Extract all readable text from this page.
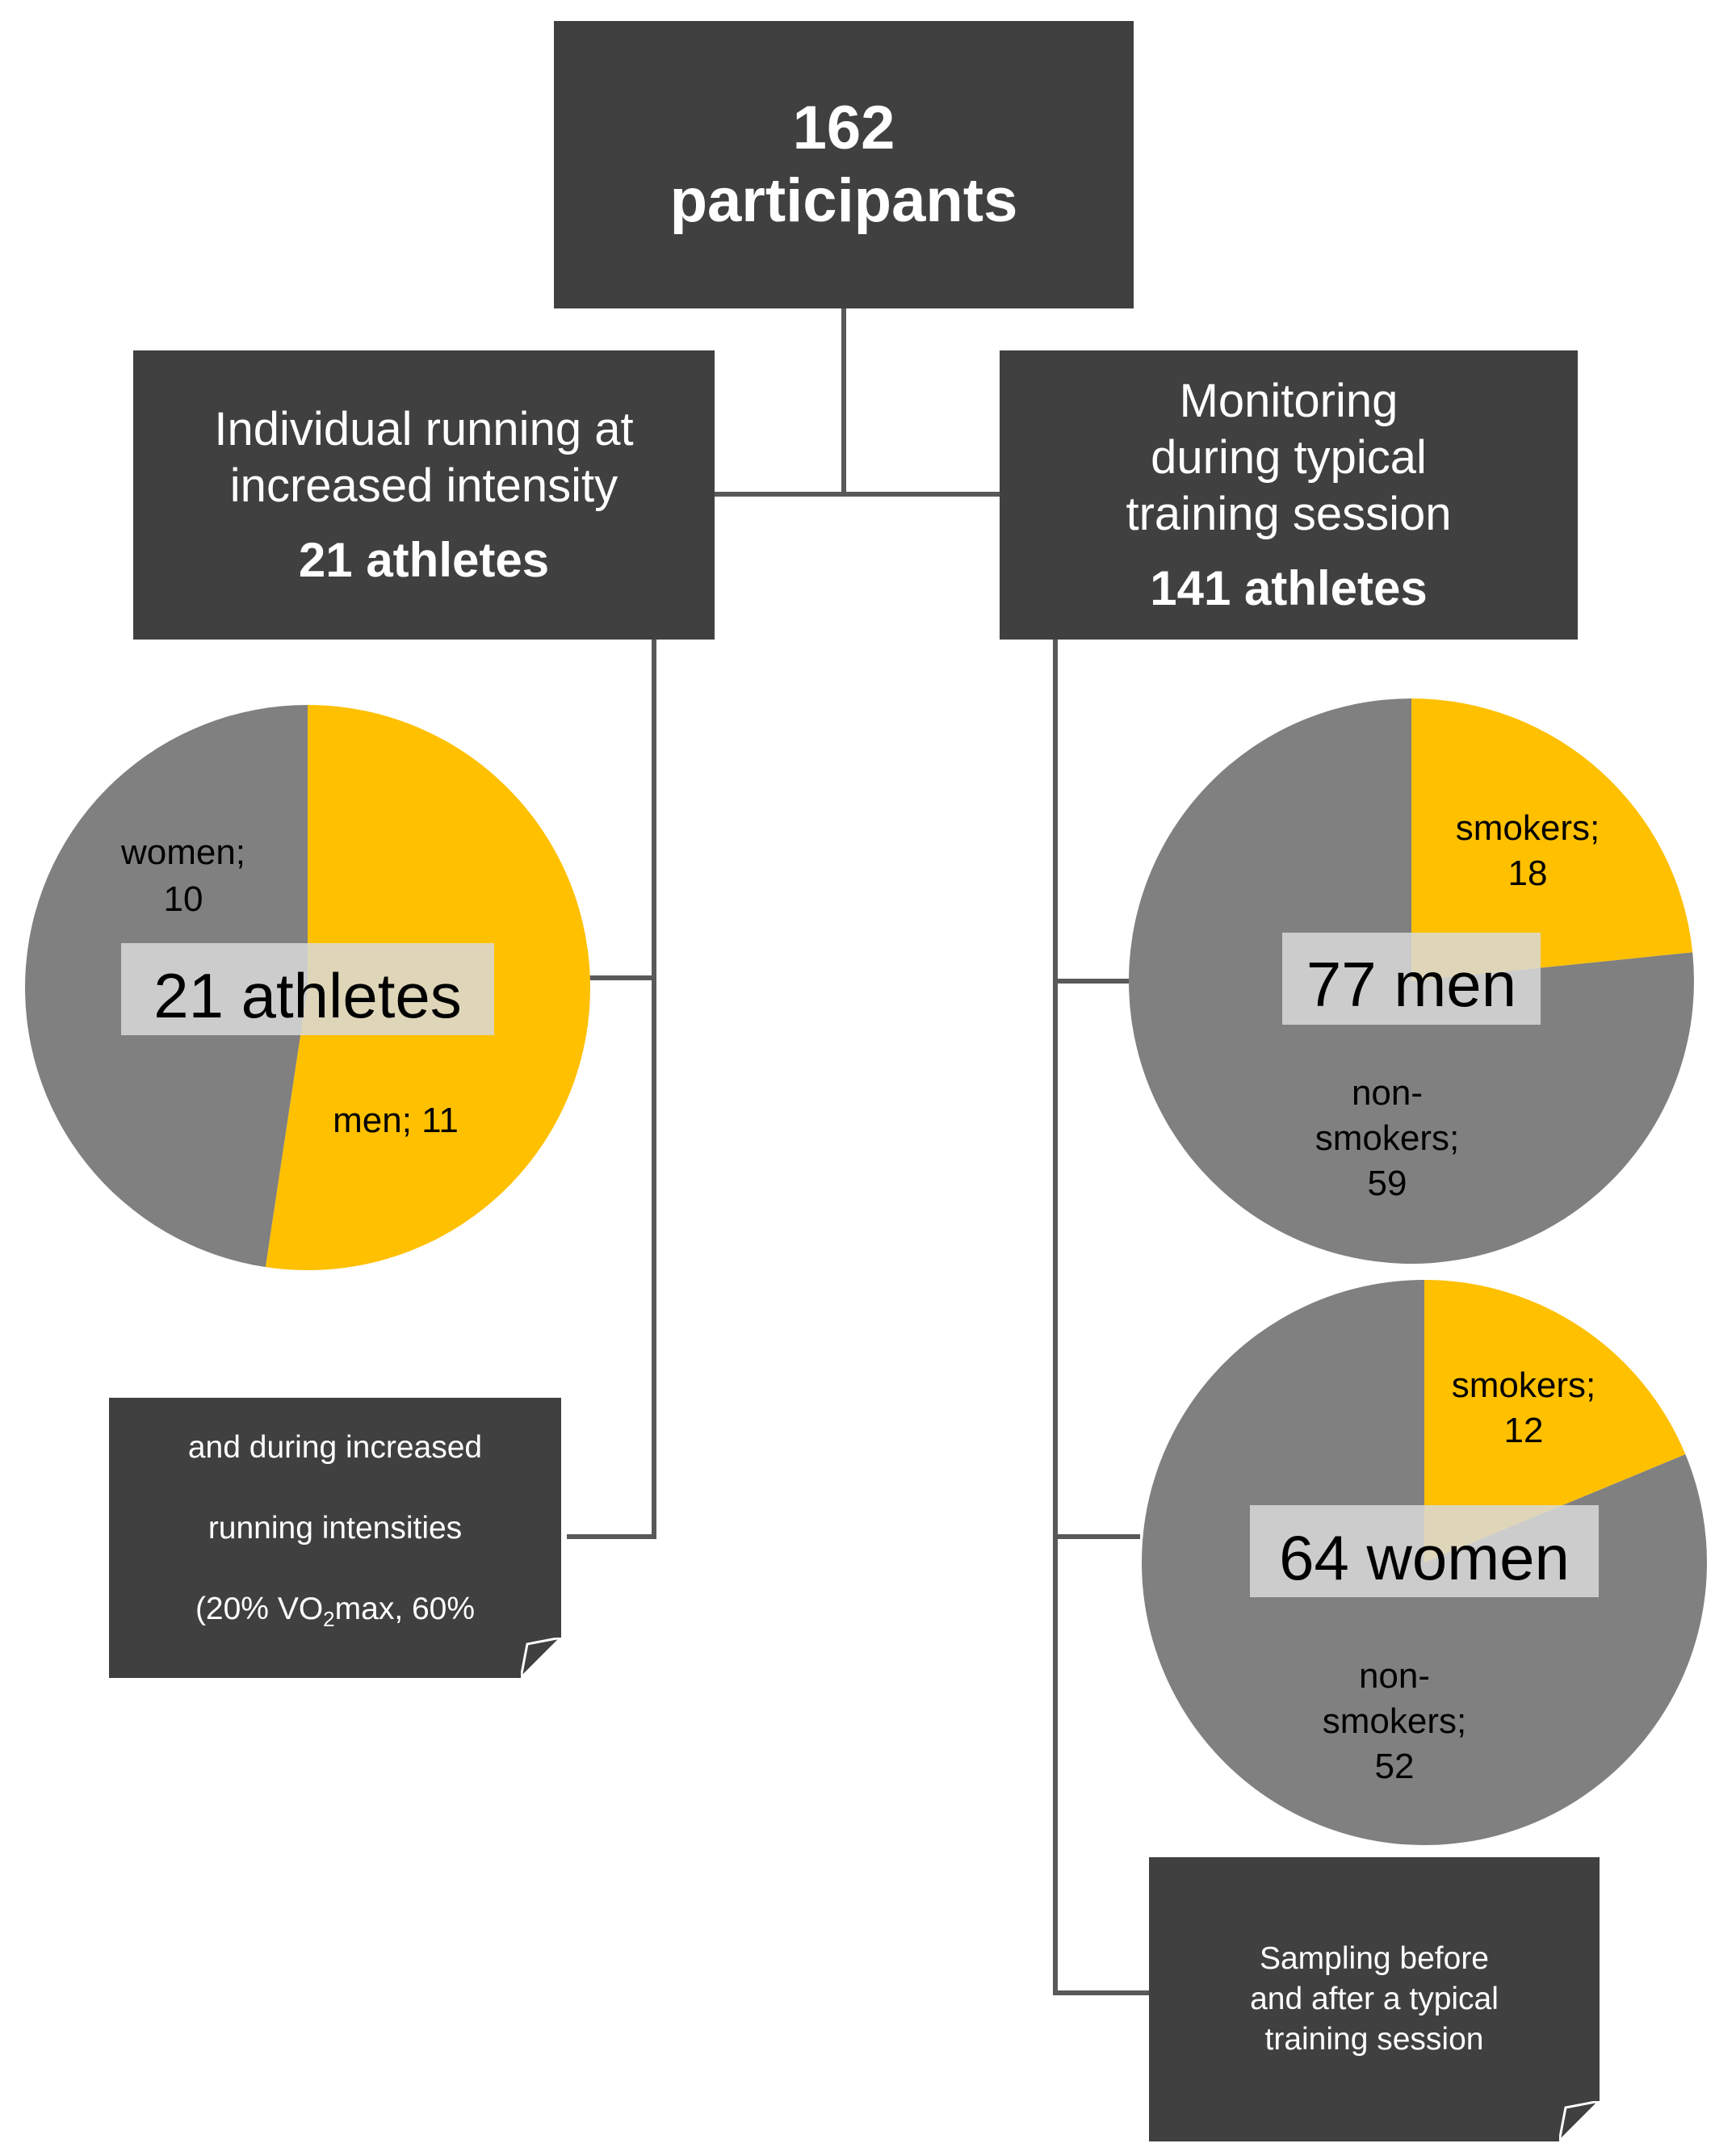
women;
10
men; 11
21 athletes
smokers;
18
non-
smokers;
59
77 men
smokers;
12
non-
smokers;
52
64 women
162
participants
Individual running at
increased intensity
21 athletes
Monitoring
during typical
training session
141 athletes

Sampling at rest

and during increased

running intensities

(20% $VO_2\max$, 60%

$VO_2\max$, 90% $VO_2\max$)

Sampling before
and after a typical
training session
